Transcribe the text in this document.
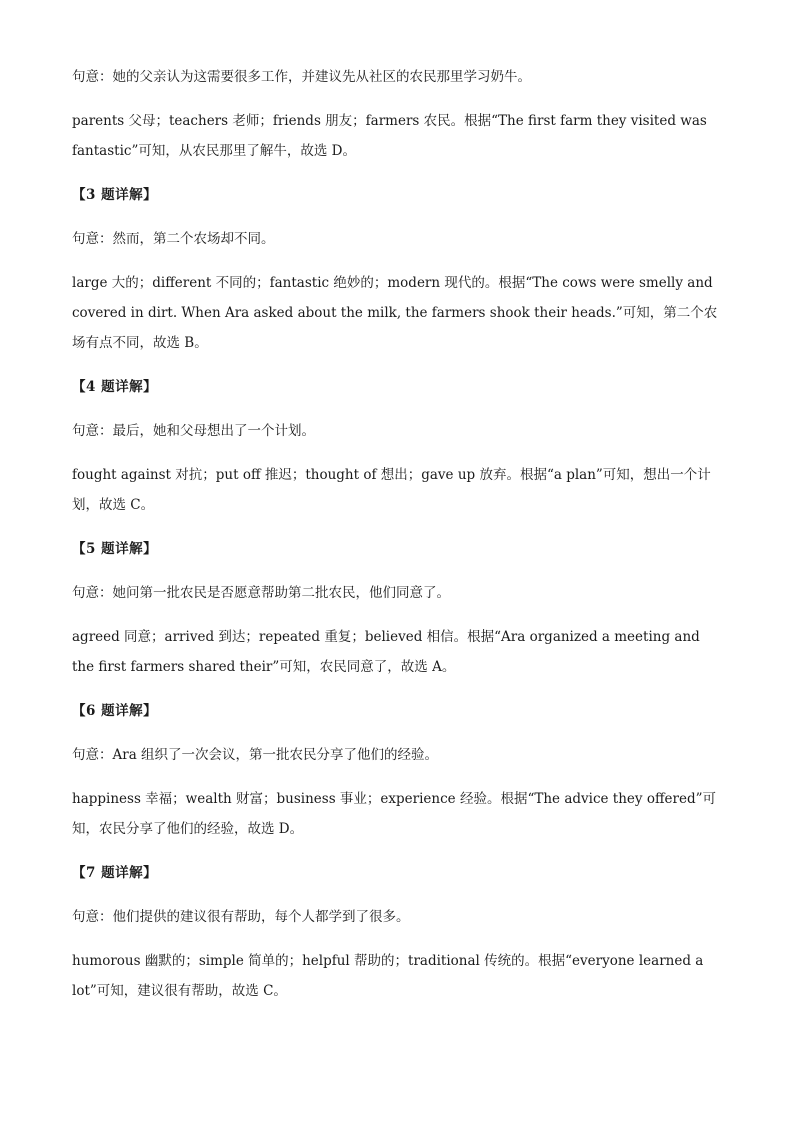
句意：她的父亲认为这需要很多工作，并建议先从社区的农民那里学习奶牛。

parents 父母；teachers 老师；friends 朋友；farmers 农民。根据“The first farm they visited was fantastic”可知，从农民那里了解牛，故选 D。

【3 题详解】

句意：然而，第二个农场却不同。

large 大的；different 不同的；fantastic 绝妙的；modern 现代的。根据“The cows were smelly and covered in dirt. When Ara asked about the milk, the farmers shook their heads.”可知，第二个农场有点不同，故选 B。

【4 题详解】

句意：最后，她和父母想出了一个计划。

fought against 对抗；put off 推迟；thought of 想出；gave up 放弃。根据“a plan”可知，想出一个计划，故选 C。

【5 题详解】

句意：她问第一批农民是否愿意帮助第二批农民，他们同意了。

agreed 同意；arrived 到达；repeated 重复；believed 相信。根据“Ara organized a meeting and the first farmers shared their”可知，农民同意了，故选 A。

【6 题详解】

句意：Ara 组织了一次会议，第一批农民分享了他们的经验。

happiness 幸福；wealth 财富；business 事业；experience 经验。根据“The advice they offered”可知，农民分享了他们的经验，故选 D。

【7 题详解】

句意：他们提供的建议很有帮助，每个人都学到了很多。

humorous 幽默的；simple 简单的；helpful 帮助的；traditional 传统的。根据“everyone learned a lot”可知，建议很有帮助，故选 C。
